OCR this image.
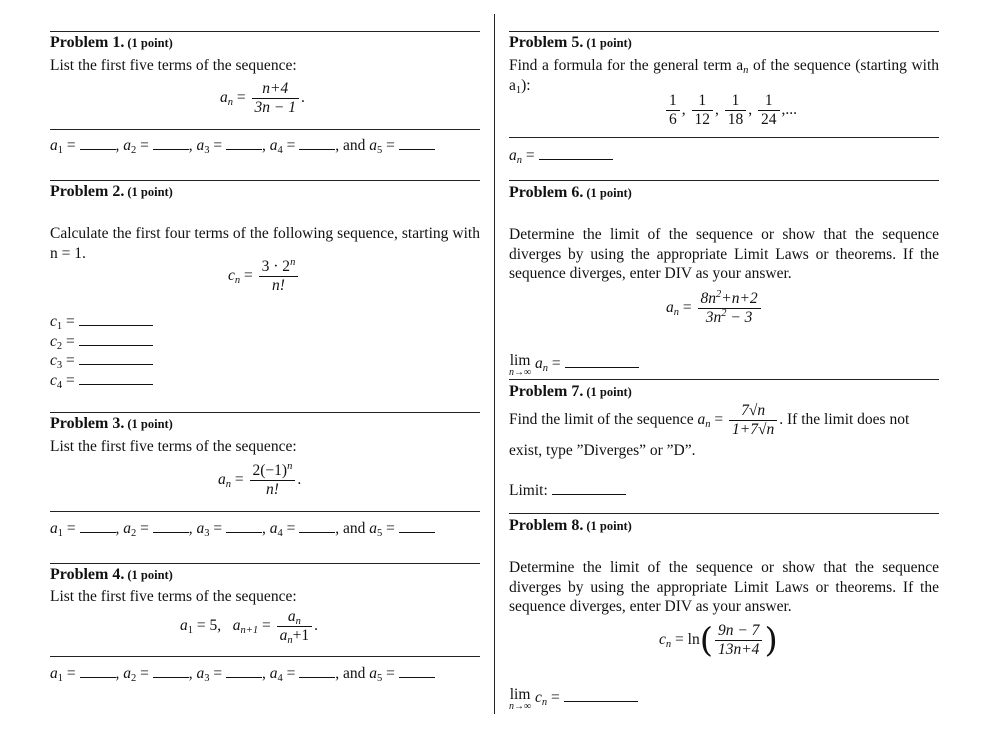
Problem 1. (1 point)
List the first five terms of the sequence:
$a_n = \frac{n+4}{3n - 1}$ .
$a_1$ = , $a_2$ = , $a_3$ = , $a_4$ = , and $a_5$ =
Problem 2. (1 point)
Calculate the first four terms of the following sequence, starting with n = 1.
$c_n = \frac{3 \cdot 2^n}{n!}$
$c_1$ =
$c_2$ =
$c_3$ =
$c_4$ =
Problem 3. (1 point)
List the first five terms of the sequence:
$a_n = \frac{2(-1)^n}{n!}$ .
$a_1$ = , $a_2$ = , $a_3$ = , $a_4$ = , and $a_5$ =
Problem 4. (1 point)
List the first five terms of the sequence:
$a_1 = 5$, $a_{n+1} = \frac{a_n}{a_n+1}$ .
$a_1$ = , $a_2$ = , $a_3$ = , $a_4$ = , and $a_5$ =
Problem 5. (1 point)
Find a formula for the general term $a_n$ of the sequence (starting with $a_1$):
$\frac{1}{6}$ , $\frac{1}{12}$ , $\frac{1}{18}$ , $\frac{1}{24}$ ,...
$a_n$ =
Problem 6. (1 point)
Determine the limit of the sequence or show that the sequence diverges by using the appropriate Limit Laws or theorems. If the sequence diverges, enter DIV as your answer.
$a_n = \frac{8n^2+n+2}{3n^2 - 3}$
lim
n→∞
$a_n$ =
Problem 7. (1 point)
Find the limit of the sequence $a_n = \frac{7√n}{1+7√n}$ . If the limit does not
exist, type ”Diverges” or ”D”.
Limit:
Problem 8. (1 point)
Determine the limit of the sequence or show that the sequence diverges by using the appropriate Limit Laws or theorems. If the sequence diverges, enter DIV as your answer.
$c_n = \ln( \frac{9n - 7}{13n+4}$ )
lim
n→∞
$c_n$ =
